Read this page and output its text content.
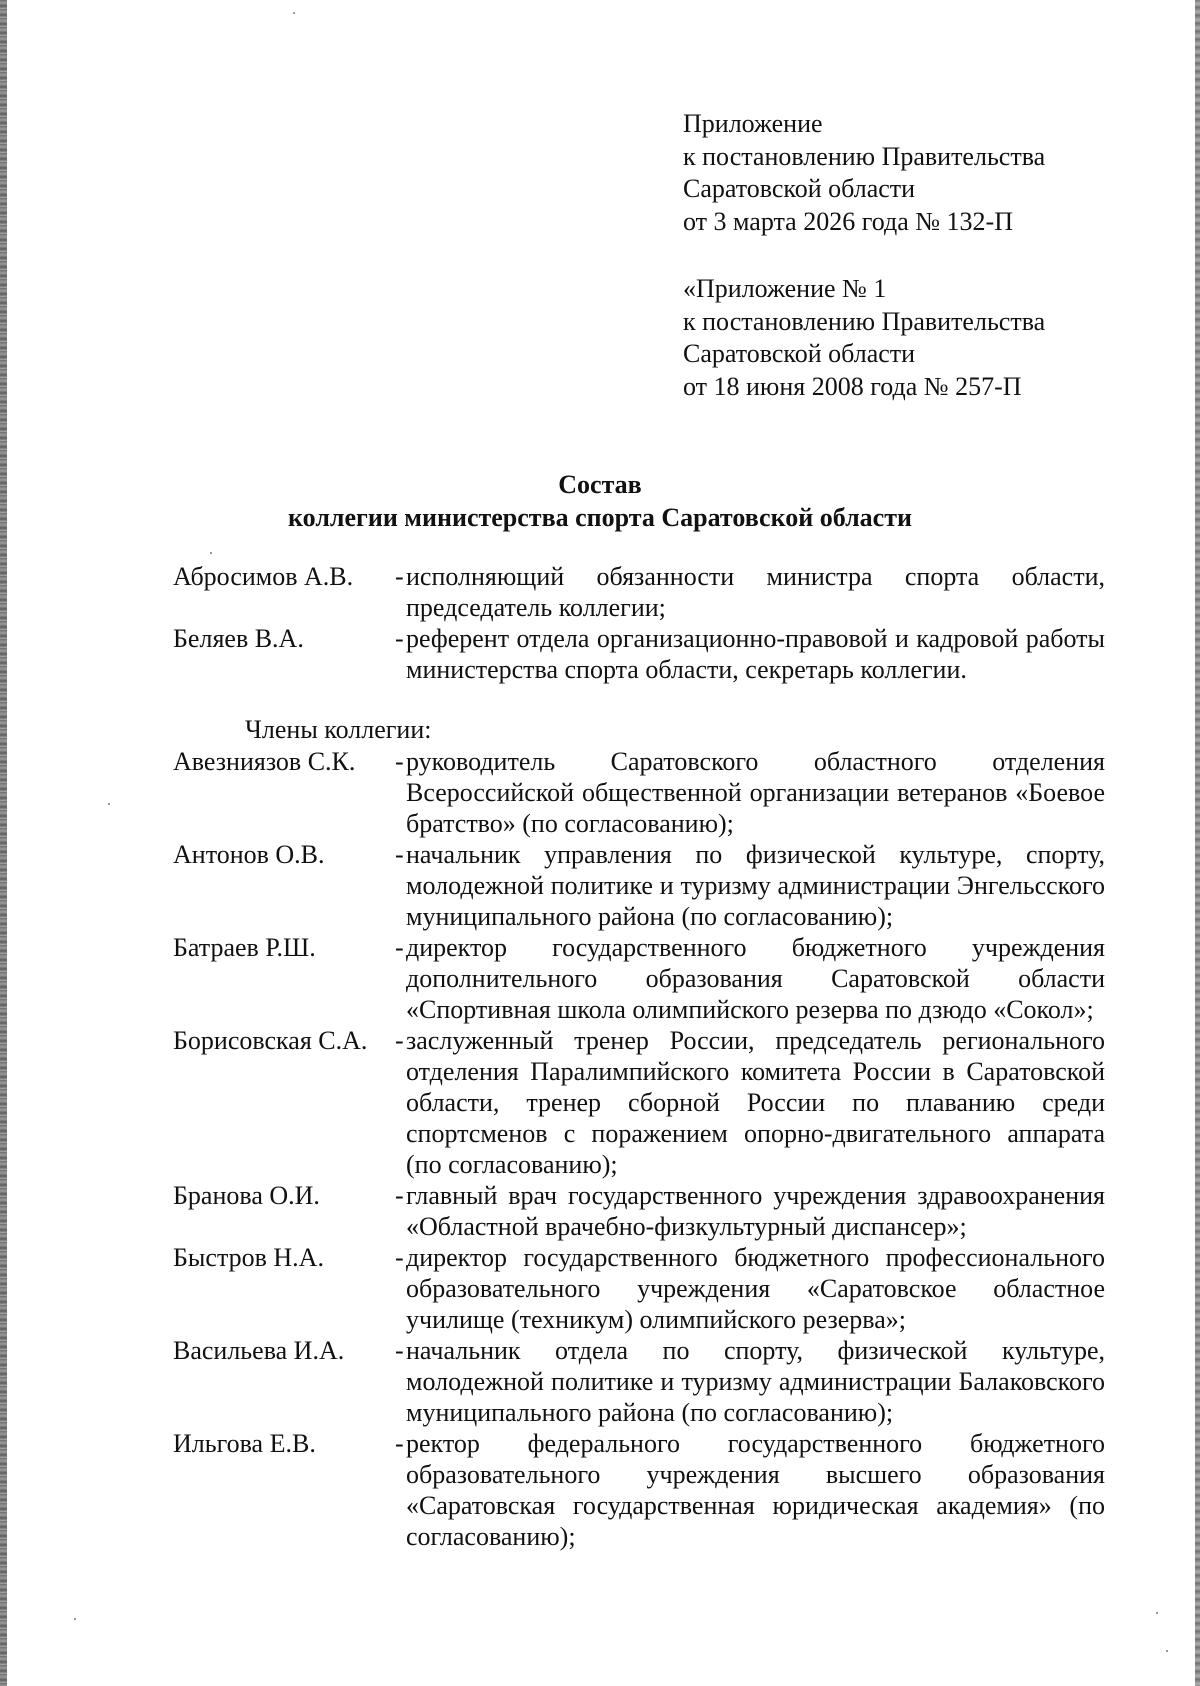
Приложение
к постановлению Правительства
Саратовской области
от 3 марта 2026 года № 132-П
«Приложение № 1
к постановлению Правительства
Саратовской области
от 18 июня 2008 года № 257-П
Состав
коллегии министерства спорта Саратовской области
Абросимов А.В.	- исполняющий обязанности министра спорта области, председатель коллегии;
Беляев В.А.	- референт отдела организационно-правовой и кадровой работы министерства спорта области, секретарь коллегии.
Члены коллегии:
Авезниязов С.К.	- руководитель Саратовского областного отделения Всероссийской общественной организации ветеранов «Боевое братство» (по согласованию);
Антонов О.В.	- начальник управления по физической культуре, спорту, молодежной политике и туризму администрации Энгельсского муниципального района (по согласованию);
Батраев Р.Ш.	- директор государственного бюджетного учреждения дополнительного образования Саратовской области «Спортивная школа олимпийского резерва по дзюдо «Сокол»;
Борисовская С.А.	- заслуженный тренер России, председатель регионального отделения Паралимпийского комитета России в Саратовской области, тренер сборной России по плаванию среди спортсменов с поражением опорно-двигательного аппарата (по согласованию);
Бранова О.И.	- главный врач государственного учреждения здравоохранения «Областной врачебно-физкультурный диспансер»;
Быстров Н.А.	- директор государственного бюджетного профессионального образовательного учреждения «Саратовское областное училище (техникум) олимпийского резерва»;
Васильева И.А.	- начальник отдела по спорту, физической культуре, молодежной политике и туризму администрации Балаковского муниципального района (по согласованию);
Ильгова Е.В.	- ректор федерального государственного бюджетного образовательного учреждения высшего образования «Саратовская государственная юридическая академия» (по согласованию);
